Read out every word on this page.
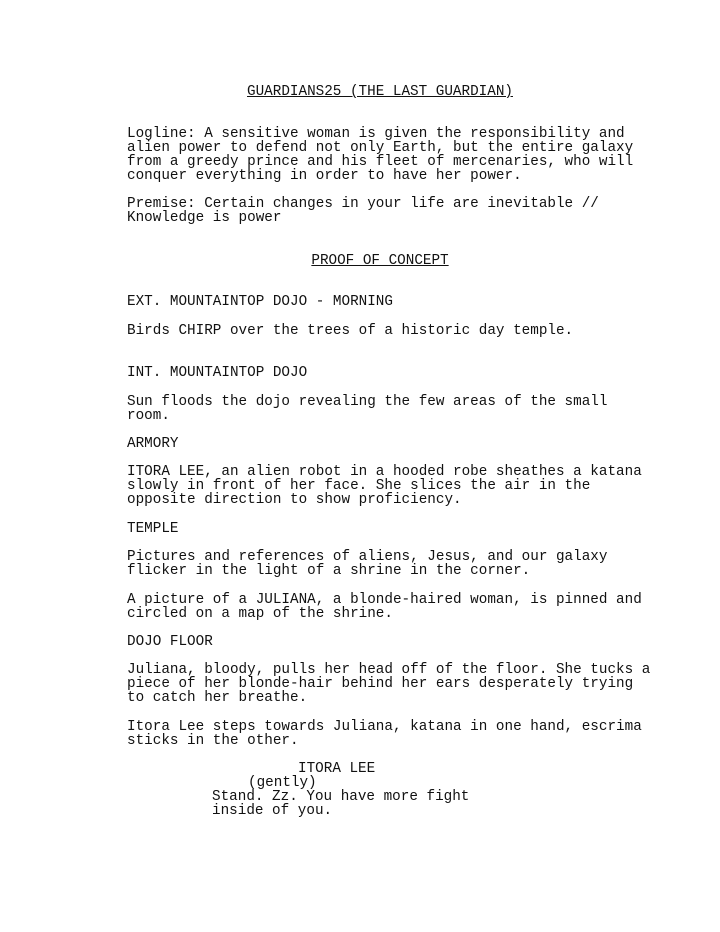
GUARDIANS25 (THE LAST GUARDIAN)

Logline: A sensitive woman is given the responsibility and

alien power to defend not only Earth, but the entire galaxy

from a greedy prince and his fleet of mercenaries, who will

conquer everything in order to have her power.

Premise: Certain changes in your life are inevitable //

Knowledge is power

PROOF OF CONCEPT

EXT. MOUNTAINTOP DOJO - MORNING

Birds CHIRP over the trees of a historic day temple.

INT. MOUNTAINTOP DOJO

Sun floods the dojo revealing the few areas of the small

room.

ARMORY

ITORA LEE, an alien robot in a hooded robe sheathes a katana

slowly in front of her face. She slices the air in the

opposite direction to show proficiency.

TEMPLE

Pictures and references of aliens, Jesus, and our galaxy

flicker in the light of a shrine in the corner.

A picture of a JULIANA, a blonde-haired woman, is pinned and

circled on a map of the shrine.

DOJO FLOOR

Juliana, bloody, pulls her head off of the floor. She tucks a

piece of her blonde-hair behind her ears desperately trying

to catch her breathe.

Itora Lee steps towards Juliana, katana in one hand, escrima

sticks in the other.

ITORA LEE

(gently)

Stand. Zz. You have more fight

inside of you.
